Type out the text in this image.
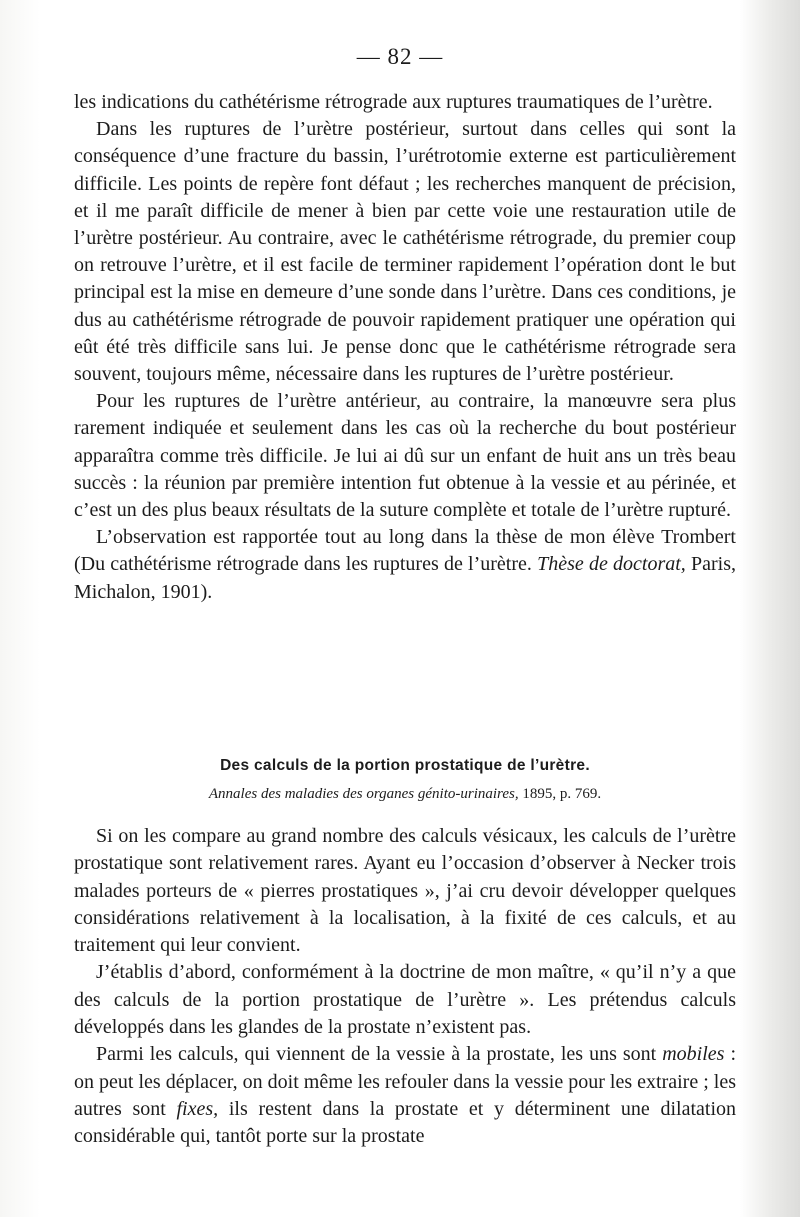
— 82 —

les indications du cathétérisme rétrograde aux ruptures traumatiques de l’urètre.

Dans les ruptures de l’urètre postérieur, surtout dans celles qui sont la conséquence d’une fracture du bassin, l’urétrotomie externe est particulièrement difficile. Les points de repère font défaut ; les recherches manquent de précision, et il me paraît difficile de mener à bien par cette voie une restauration utile de l’urètre postérieur. Au contraire, avec le cathétérisme rétrograde, du premier coup on retrouve l’urètre, et il est facile de terminer rapidement l’opération dont le but principal est la mise en demeure d’une sonde dans l’urètre. Dans ces conditions, je dus au cathétérisme rétrograde de pouvoir rapidement pratiquer une opération qui eût été très difficile sans lui. Je pense donc que le cathétérisme rétrograde sera souvent, toujours même, nécessaire dans les ruptures de l’urètre postérieur.

Pour les ruptures de l’urètre antérieur, au contraire, la manœuvre sera plus rarement indiquée et seulement dans les cas où la recherche du bout postérieur apparaîtra comme très difficile. Je lui ai dû sur un enfant de huit ans un très beau succès : la réunion par première intention fut obtenue à la vessie et au périnée, et c’est un des plus beaux résultats de la suture complète et totale de l’urètre rupturé.

L’observation est rapportée tout au long dans la thèse de mon élève Trombert (Du cathétérisme rétrograde dans les ruptures de l’urètre. Thèse de doctorat, Paris, Michalon, 1901).

Des calculs de la portion prostatique de l’urètre.
Annales des maladies des organes génito-urinaires, 1895, p. 769.

Si on les compare au grand nombre des calculs vésicaux, les calculs de l’urètre prostatique sont relativement rares. Ayant eu l’occasion d’observer à Necker trois malades porteurs de « pierres prostatiques », j’ai cru devoir développer quelques considérations relativement à la localisation, à la fixité de ces calculs, et au traitement qui leur convient.

J’établis d’abord, conformément à la doctrine de mon maître, « qu’il n’y a que des calculs de la portion prostatique de l’urètre ». Les prétendus calculs développés dans les glandes de la prostate n’existent pas.

Parmi les calculs, qui viennent de la vessie à la prostate, les uns sont mobiles : on peut les déplacer, on doit même les refouler dans la vessie pour les extraire ; les autres sont fixes, ils restent dans la prostate et y déterminent une dilatation considérable qui, tantôt porte sur la prostate
